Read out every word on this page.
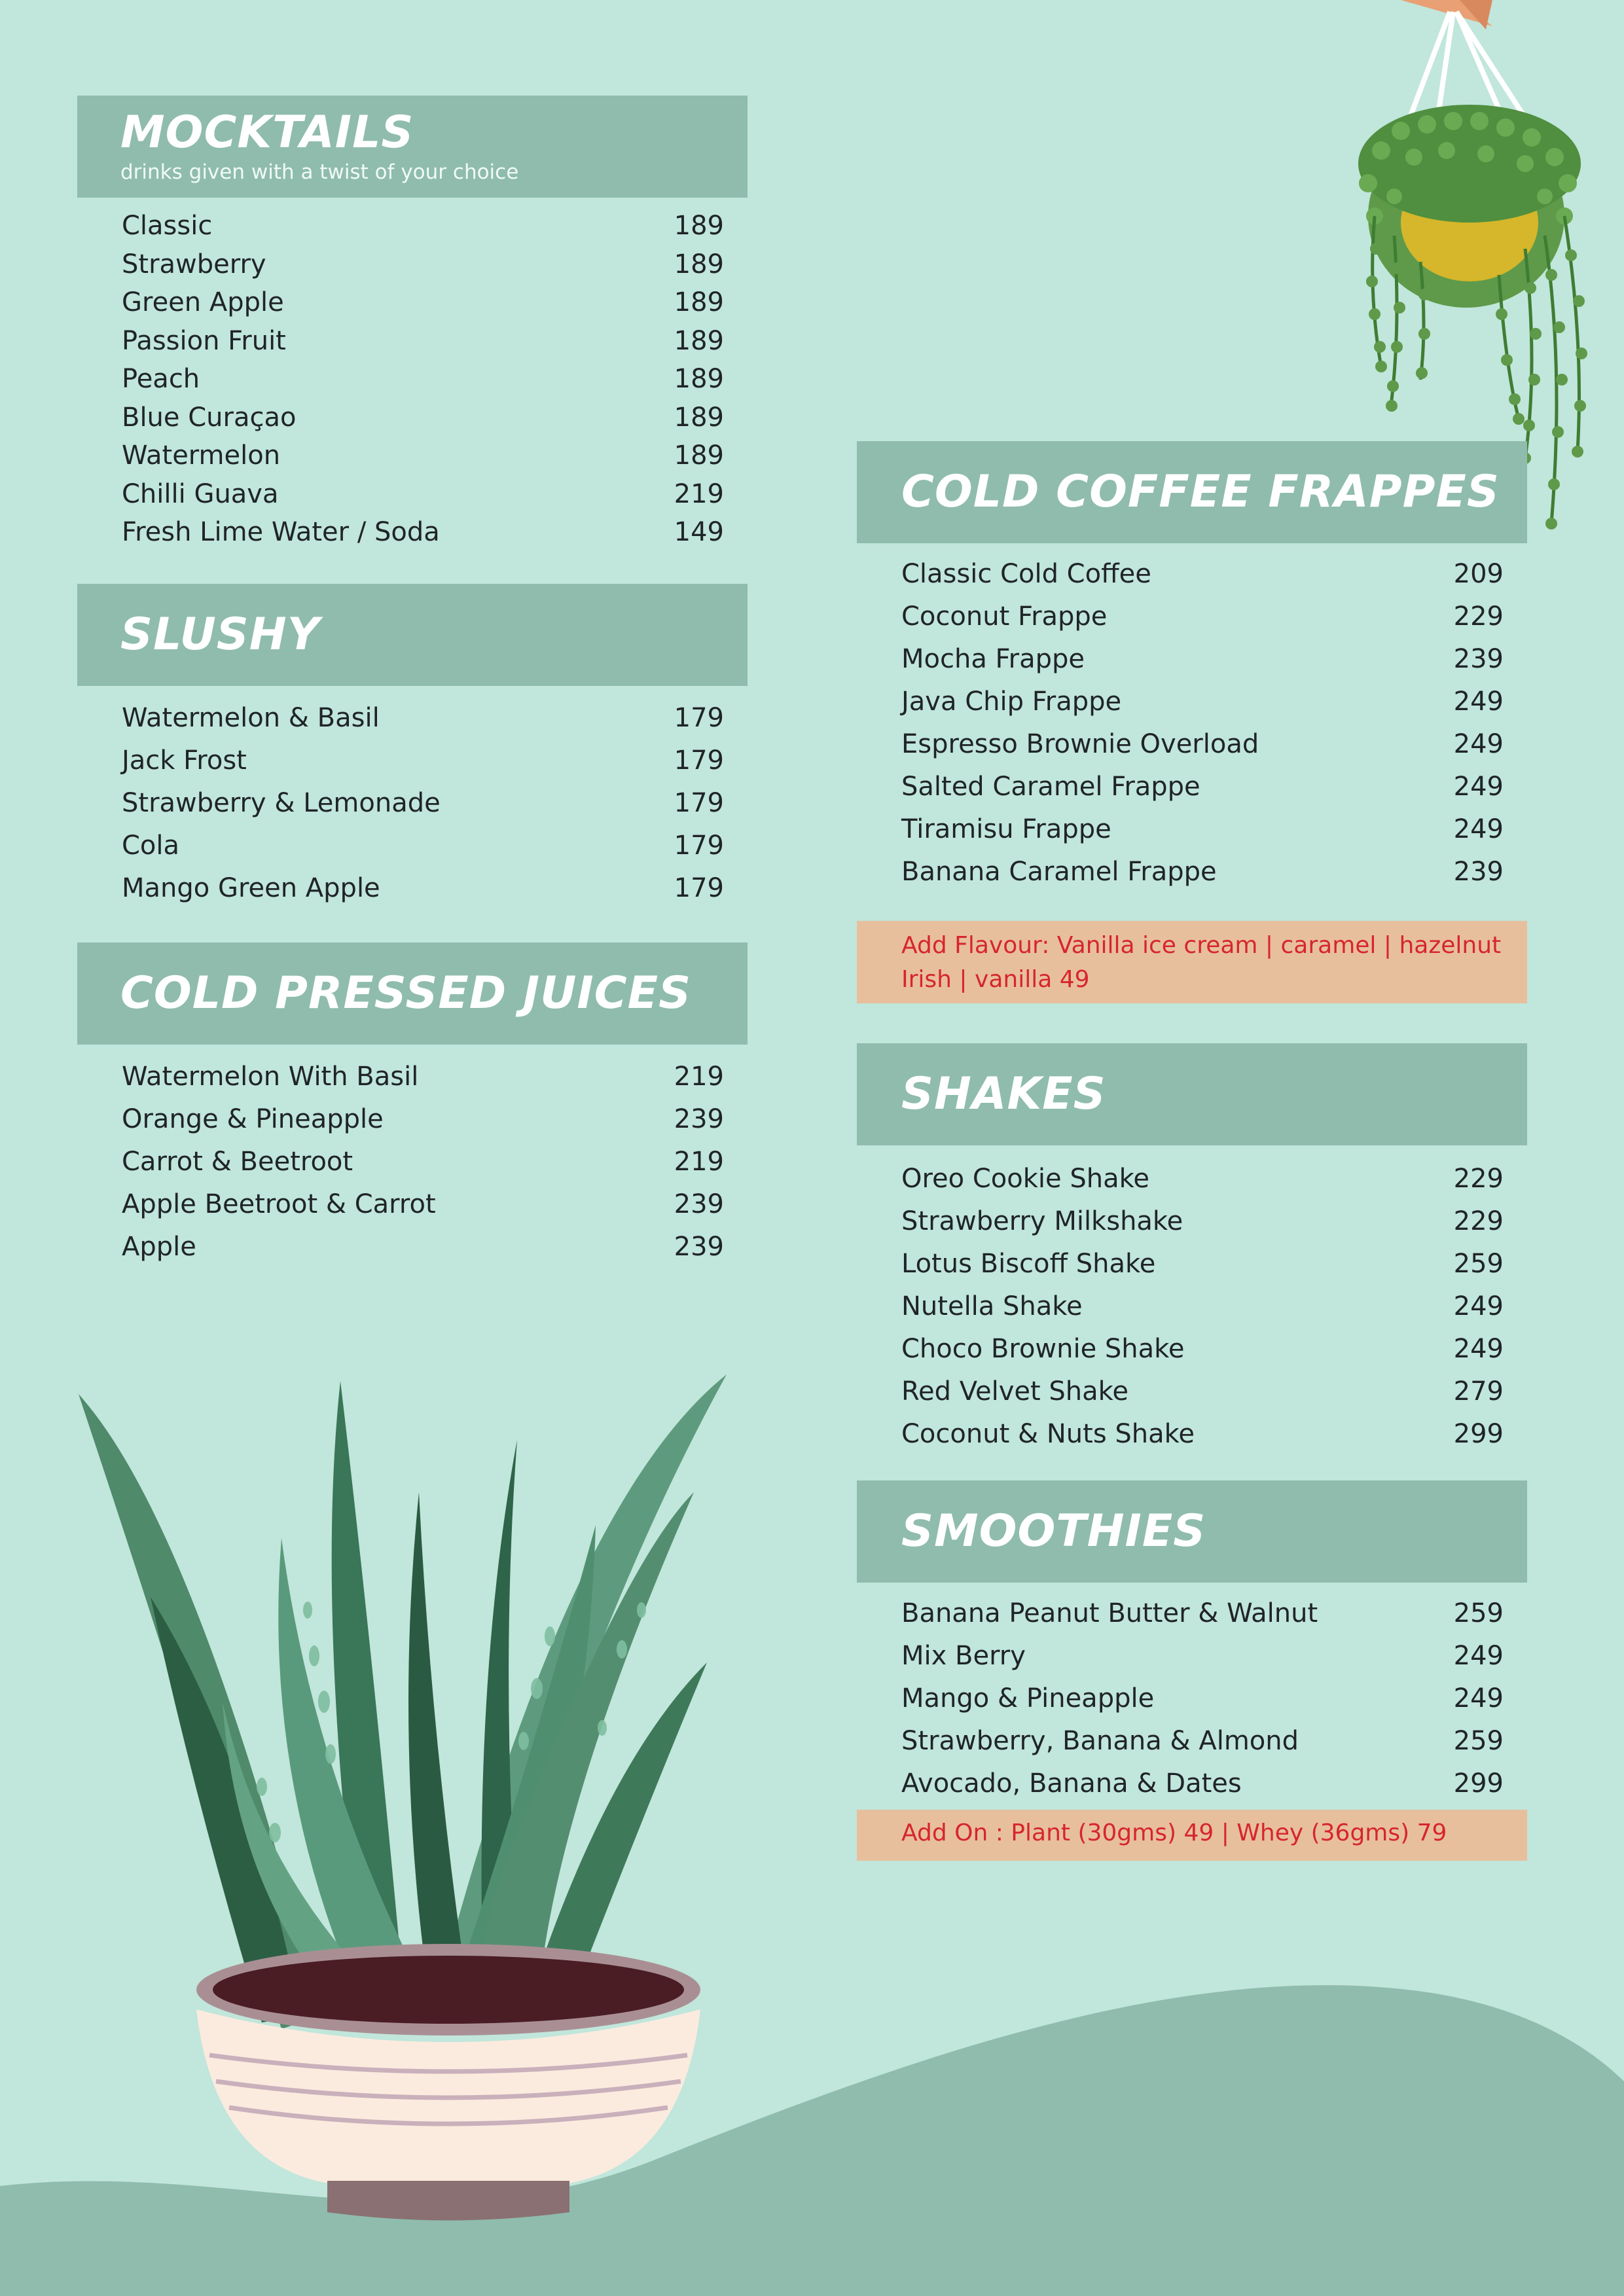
MOCKTAILS
drinks given with a twist of your choice
Classic	189
Strawberry	189
Green Apple	189
Passion Fruit	189
Peach	189
Blue Curaçao	189
Watermelon	189
Chilli Guava	219
Fresh Lime Water / Soda	149
SLUSHY
Watermelon & Basil	179
Jack Frost	179
Strawberry & Lemonade	179
Cola	179
Mango Green Apple	179
COLD PRESSED JUICES
Watermelon With Basil	219
Orange & Pineapple	239
Carrot & Beetroot	219
Apple Beetroot & Carrot	239
Apple	239
COLD COFFEE FRAPPES
Classic Cold Coffee	209
Coconut Frappe	229
Mocha Frappe	239
Java Chip Frappe	249
Espresso Brownie Overload	249
Salted Caramel Frappe	249
Tiramisu Frappe	249
Banana Caramel Frappe	239
Add Flavour: Vanilla ice cream | caramel | hazelnut
Irish | vanilla 49
SHAKES
Oreo Cookie Shake	229
Strawberry Milkshake	229
Lotus Biscoff Shake	259
Nutella Shake	249
Choco Brownie Shake	249
Red Velvet Shake	279
Coconut & Nuts Shake	299
SMOOTHIES
Banana Peanut Butter & Walnut	259
Mix Berry	249
Mango & Pineapple	249
Strawberry, Banana & Almond	259
Avocado, Banana & Dates	299
Add On : Plant (30gms) 49 | Whey (36gms) 79
